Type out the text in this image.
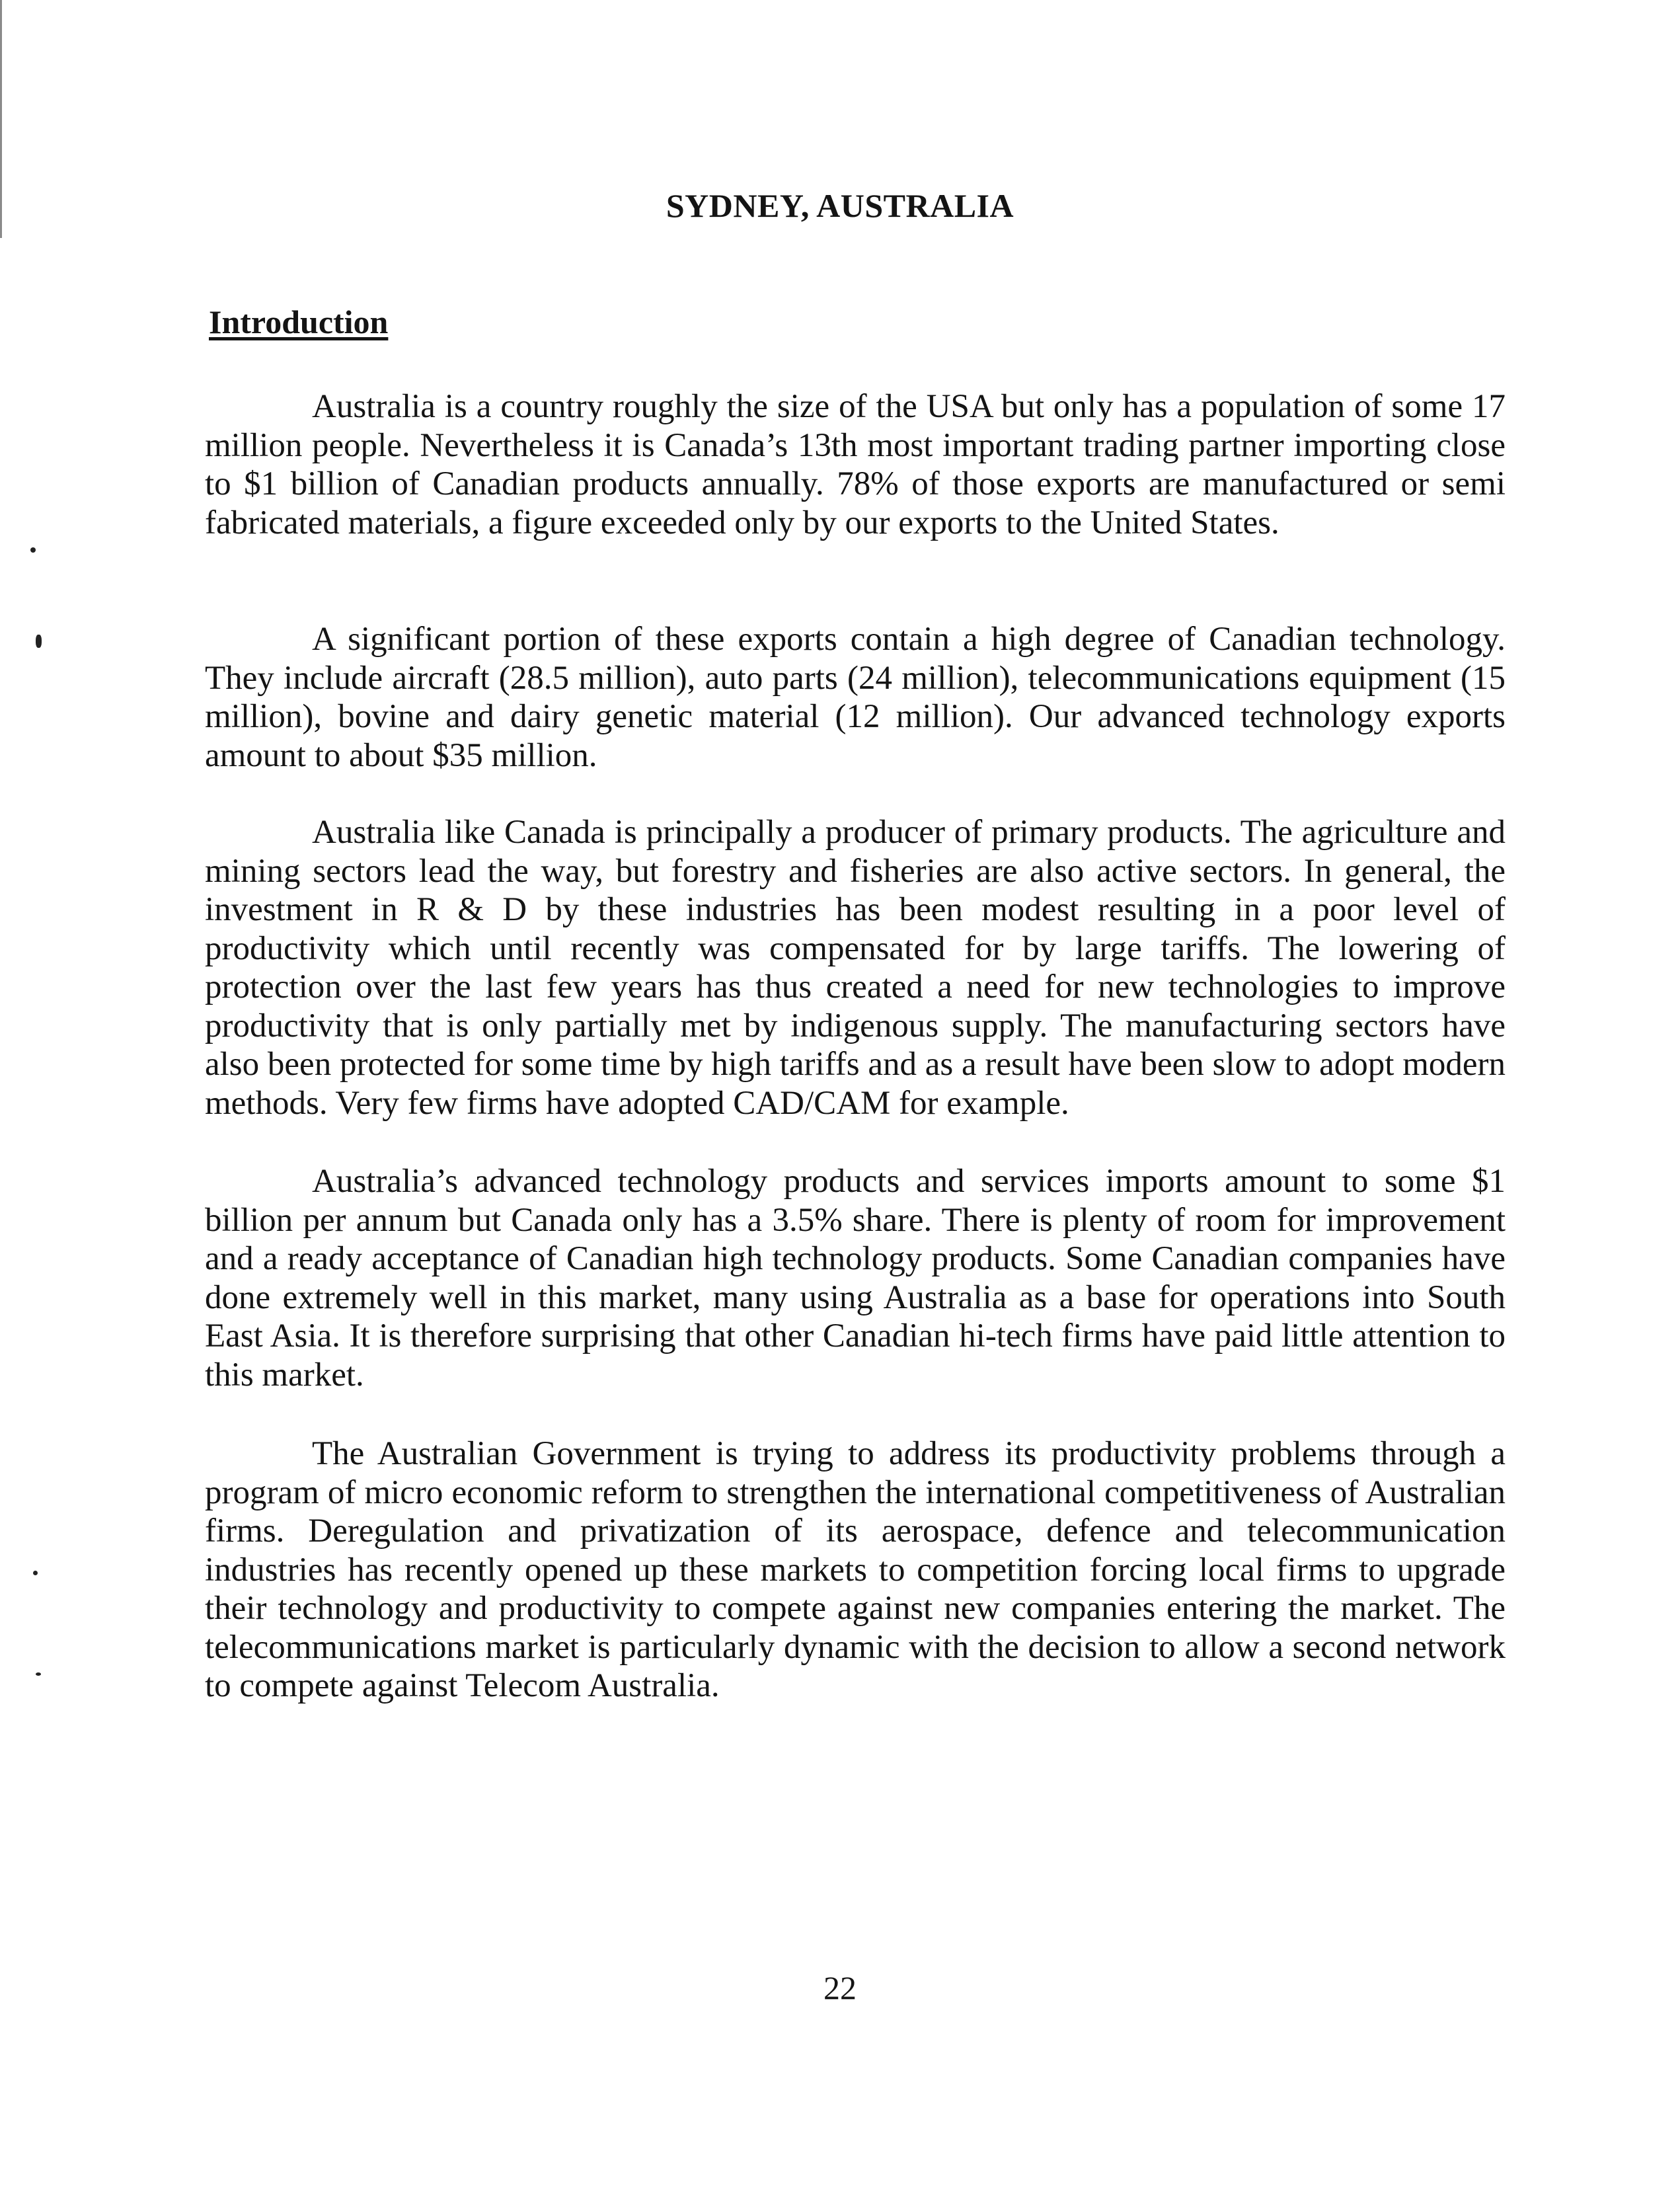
SYDNEY, AUSTRALIA
Introduction

Australia is a country roughly the size of the USA but only has a population of some 17 million people. Nevertheless it is Canada’s 13th most important trading partner importing close to $1 billion of Canadian products annually. 78% of those exports are manufactured or semi fabricated materials, a figure exceeded only by our exports to the United States.

A significant portion of these exports contain a high degree of Canadian technology. They include aircraft (28.5 million), auto parts (24 million), telecommunications equipment (15 million), bovine and dairy genetic material (12 million). Our advanced technology exports amount to about $35 million.

Australia like Canada is principally a producer of primary products. The agriculture and mining sectors lead the way, but forestry and fisheries are also active sectors. In general, the investment in R & D by these industries has been modest resulting in a poor level of productivity which until recently was compensated for by large tariffs. The lowering of protection over the last few years has thus created a need for new technologies to improve productivity that is only partially met by indigenous supply. The manufacturing sectors have also been protected for some time by high tariffs and as a result have been slow to adopt modern methods. Very few firms have adopted CAD/CAM for example.

Australia’s advanced technology products and services imports amount to some $1 billion per annum but Canada only has a 3.5% share. There is plenty of room for improvement and a ready acceptance of Canadian high technology products. Some Canadian companies have done extremely well in this market, many using Australia as a base for operations into South East Asia. It is therefore surprising that other Canadian hi-tech firms have paid little attention to this market.

The Australian Government is trying to address its productivity problems through a program of micro economic reform to strengthen the international competitiveness of Australian firms. Deregulation and privatization of its aerospace, defence and telecommunication industries has recently opened up these markets to competition forcing local firms to upgrade their technology and productivity to compete against new companies entering the market. The telecommunications market is particularly dynamic with the decision to allow a second network to compete against Telecom Australia.

22
